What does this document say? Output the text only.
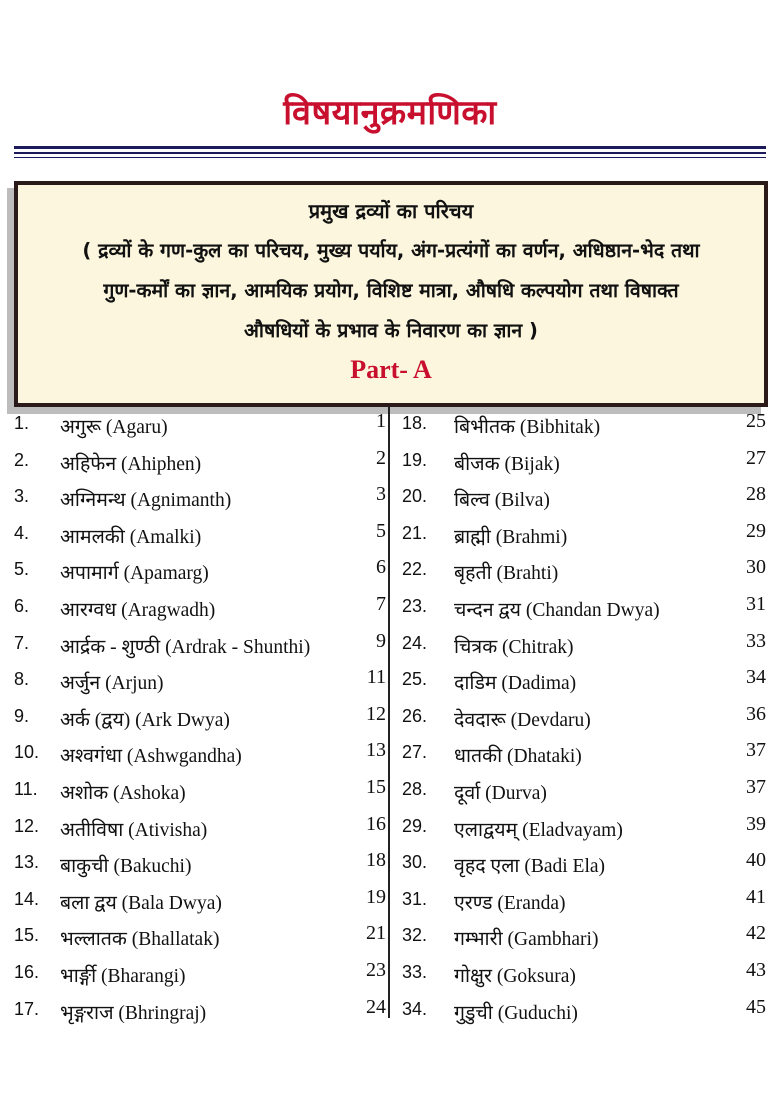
विषयानुक्रमणिका
प्रमुख द्रव्यों का परिचय
( द्रव्यों के गण-कुल का परिचय, मुख्य पर्याय, अंग-प्रत्यंगों का वर्णन, अधिष्ठान-भेद तथा
गुण-कर्मों का ज्ञान, आमयिक प्रयोग, विशिष्ट मात्रा, औषधि कल्पयोग तथा विषाक्त
औषधियों के प्रभाव के निवारण का ज्ञान )
Part- A
1.	अगुरू (Agaru)	1
2.	अहिफेन (Ahiphen)	2
3.	अग्निमन्थ (Agnimanth)	3
4.	आमलकी (Amalki)	5
5.	अपामार्ग (Apamarg)	6
6.	आरग्वध (Aragwadh)	7
7.	आर्द्रक - शुण्ठी (Ardrak - Shunthi)	9
8.	अर्जुन (Arjun)	11
9.	अर्क (द्वय) (Ark Dwya)	12
10.	अश्वगंधा (Ashwgandha)	13
11.	अशोक (Ashoka)	15
12.	अतीविषा (Ativisha)	16
13.	बाकुची (Bakuchi)	18
14.	बला द्वय (Bala Dwya)	19
15.	भल्लातक (Bhallatak)	21
16.	भार्ङ्गी (Bharangi)	23
17.	भृङ्गराज (Bhringraj)	24
18.	बिभीतक (Bibhitak)	25
19.	बीजक (Bijak)	27
20.	बिल्व (Bilva)	28
21.	ब्राह्मी (Brahmi)	29
22.	बृहती (Brahti)	30
23.	चन्दन द्वय (Chandan Dwya)	31
24.	चित्रक (Chitrak)	33
25.	दाडिम (Dadima)	34
26.	देवदारू (Devdaru)	36
27.	धातकी (Dhataki)	37
28.	दूर्वा (Durva)	37
29.	एलाद्वयम् (Eladvayam)	39
30.	वृहद एला (Badi Ela)	40
31.	एरण्ड (Eranda)	41
32.	गम्भारी (Gambhari)	42
33.	गोक्षुर (Goksura)	43
34.	गुडुची (Guduchi)	45
